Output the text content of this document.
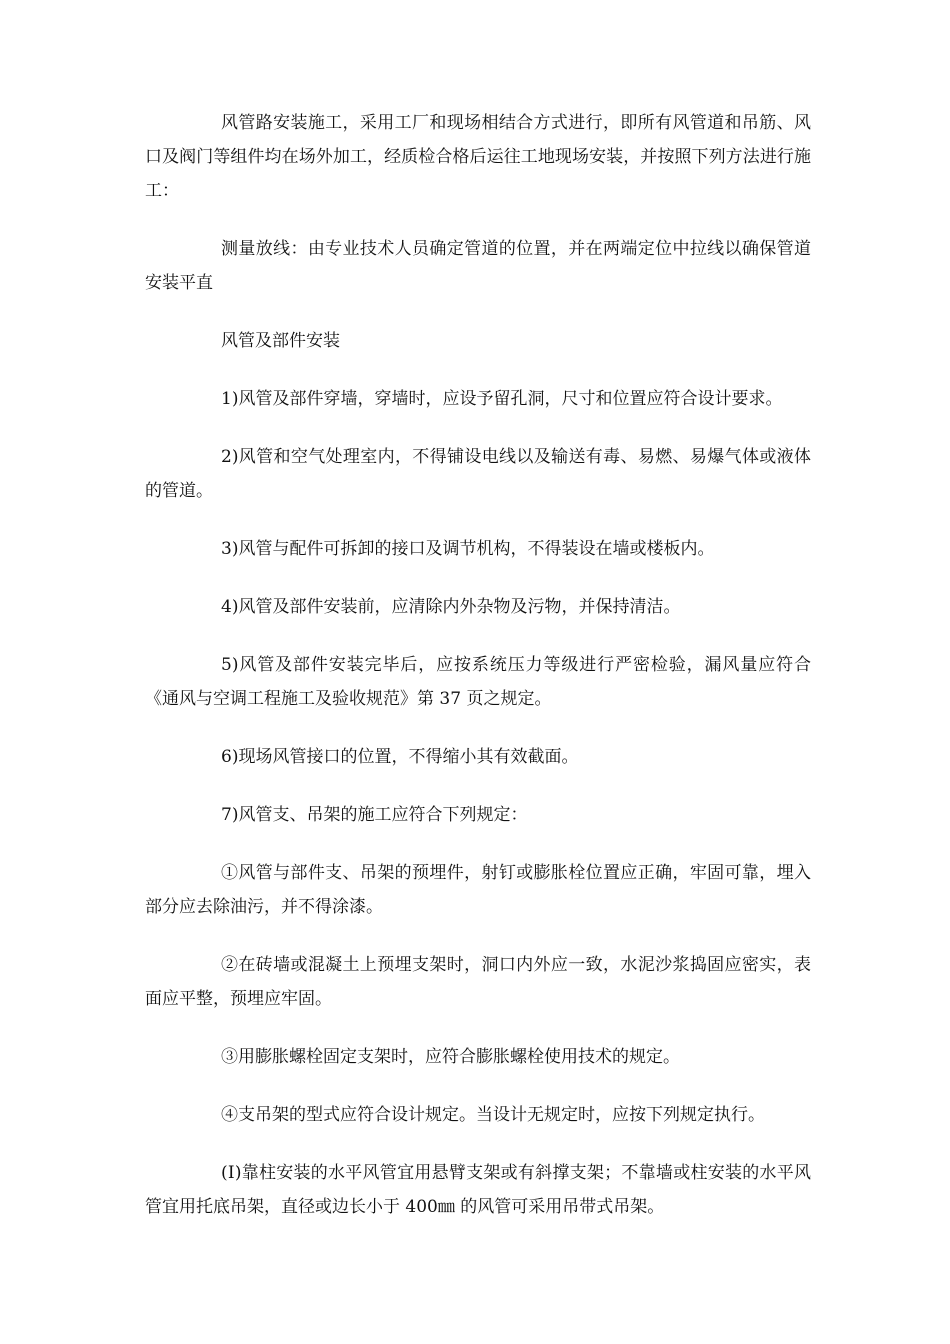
风管路安装施工，采用工厂和现场相结合方式进行，即所有风管道和吊筋、风口及阀门等组件均在场外加工，经质检合格后运往工地现场安装，并按照下列方法进行施工：

测量放线：由专业技术人员确定管道的位置，并在两端定位中拉线以确保管道安装平直

风管及部件安装

1)风管及部件穿墙，穿墙时，应设予留孔洞，尺寸和位置应符合设计要求。

2)风管和空气处理室内，不得铺设电线以及输送有毒、易燃、易爆气体或液体的管道。

3)风管与配件可拆卸的接口及调节机构，不得装设在墙或楼板内。

4)风管及部件安装前，应清除内外杂物及污物，并保持清洁。

5)风管及部件安装完毕后，应按系统压力等级进行严密检验，漏风量应符合《通风与空调工程施工及验收规范》第 37 页之规定。

6)现场风管接口的位置，不得缩小其有效截面。

7)风管支、吊架的施工应符合下列规定：

①风管与部件支、吊架的预埋件，射钉或膨胀栓位置应正确，牢固可靠，埋入部分应去除油污，并不得涂漆。

②在砖墙或混凝土上预埋支架时，洞口内外应一致，水泥沙浆捣固应密实，表面应平整，预埋应牢固。

③用膨胀螺栓固定支架时，应符合膨胀螺栓使用技术的规定。

④支吊架的型式应符合设计规定。当设计无规定时，应按下列规定执行。

(Ⅰ)靠柱安装的水平风管宜用悬臂支架或有斜撑支架；不靠墙或柱安装的水平风管宜用托底吊架，直径或边长小于 400㎜ 的风管可采用吊带式吊架。
